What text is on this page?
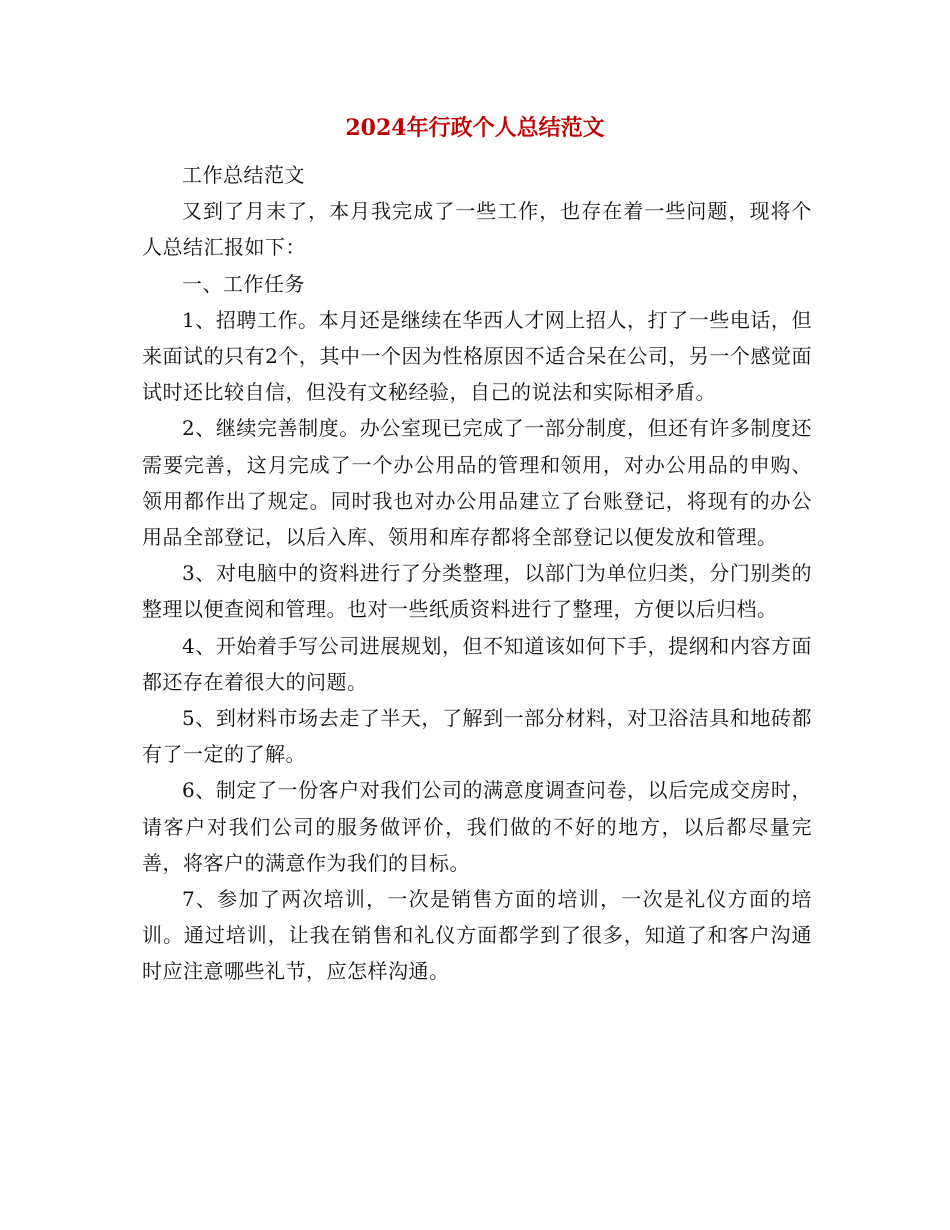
2024年行政个人总结范文

工作总结范文

又到了月末了，本月我完成了一些工作，也存在着一些问题，现将个人总结汇报如下：

一、工作任务

1、招聘工作。本月还是继续在华西人才网上招人，打了一些电话，但来面试的只有2个，其中一个因为性格原因不适合呆在公司，另一个感觉面试时还比较自信，但没有文秘经验，自己的说法和实际相矛盾。

2、继续完善制度。办公室现已完成了一部分制度，但还有许多制度还需要完善，这月完成了一个办公用品的管理和领用，对办公用品的申购、领用都作出了规定。同时我也对办公用品建立了台账登记，将现有的办公用品全部登记，以后入库、领用和库存都将全部登记以便发放和管理。

3、对电脑中的资料进行了分类整理，以部门为单位归类，分门别类的整理以便查阅和管理。也对一些纸质资料进行了整理，方便以后归档。

4、开始着手写公司进展规划，但不知道该如何下手，提纲和内容方面都还存在着很大的问题。

5、到材料市场去走了半天，了解到一部分材料，对卫浴洁具和地砖都有了一定的了解。

6、制定了一份客户对我们公司的满意度调查问卷，以后完成交房时，请客户对我们公司的服务做评价，我们做的不好的地方，以后都尽量完善，将客户的满意作为我们的目标。

7、参加了两次培训，一次是销售方面的培训，一次是礼仪方面的培训。通过培训，让我在销售和礼仪方面都学到了很多，知道了和客户沟通时应注意哪些礼节，应怎样沟通。
